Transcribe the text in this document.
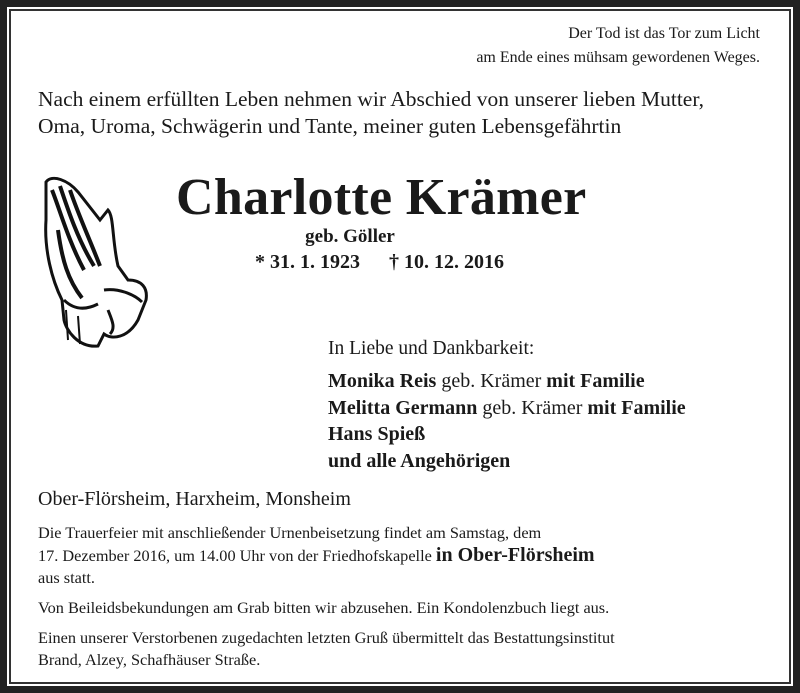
Der Tod ist das Tor zum Licht
am Ende eines mühsam gewordenen Weges.
Nach einem erfüllten Leben nehmen wir Abschied von unserer lieben Mutter,
Oma, Uroma, Schwägerin und Tante, meiner guten Lebensgefährtin
Charlotte Krämer
geb. Göller
* 31. 1. 1923 † 10. 12. 2016
In Liebe und Dankbarkeit:
Monika Reis geb. Krämer mit Familie
Melitta Germann geb. Krämer mit Familie
Hans Spieß
und alle Angehörigen
Ober-Flörsheim, Harxheim, Monsheim
Die Trauerfeier mit anschließender Urnenbeisetzung findet am Samstag, dem
17. Dezember 2016, um 14.00 Uhr von der Friedhofskapelle in Ober-Flörsheim
aus statt.
Von Beileidsbekundungen am Grab bitten wir abzusehen. Ein Kondolenzbuch liegt aus.
Einen unserer Verstorbenen zugedachten letzten Gruß übermittelt das Bestattungsinstitut
Brand, Alzey, Schafhäuser Straße.
